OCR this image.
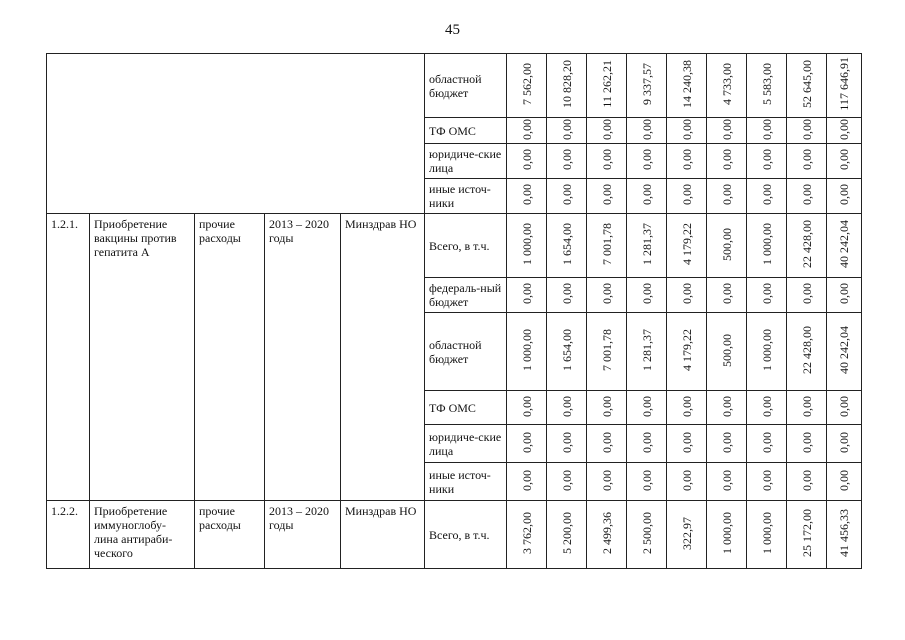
45
					областной бюджет	7 562,00	10 828,20	11 262,21	9 337,57	14 240,38	4 733,00	5 583,00	52 645,00	117 646,91
					ТФ ОМС	0,00	0,00	0,00	0,00	0,00	0,00	0,00	0,00	0,00
					юридиче-ские лица	0,00	0,00	0,00	0,00	0,00	0,00	0,00	0,00	0,00
					иные источ-ники	0,00	0,00	0,00	0,00	0,00	0,00	0,00	0,00	0,00
1.2.1.	Приобретение вакцины против гепатита А	прочие расходы	2013 – 2020 годы	Минздрав НО	Всего, в т.ч.	1 000,00	1 654,00	7 001,78	1 281,37	4 179,22	500,00	1 000,00	22 428,00	40 242,04
					федераль-ный бюджет	0,00	0,00	0,00	0,00	0,00	0,00	0,00	0,00	0,00
					областной бюджет	1 000,00	1 654,00	7 001,78	1 281,37	4 179,22	500,00	1 000,00	22 428,00	40 242,04
					ТФ ОМС	0,00	0,00	0,00	0,00	0,00	0,00	0,00	0,00	0,00
					юридиче-ские лица	0,00	0,00	0,00	0,00	0,00	0,00	0,00	0,00	0,00
					иные источ-ники	0,00	0,00	0,00	0,00	0,00	0,00	0,00	0,00	0,00
1.2.2.	Приобретение иммуноглобу-лина антираби-ческого	прочие расходы	2013 – 2020 годы	Минздрав НО	Всего, в т.ч.	3 762,00	5 200,00	2 499,36	2 500,00	322,97	1 000,00	1 000,00	25 172,00	41 456,33
